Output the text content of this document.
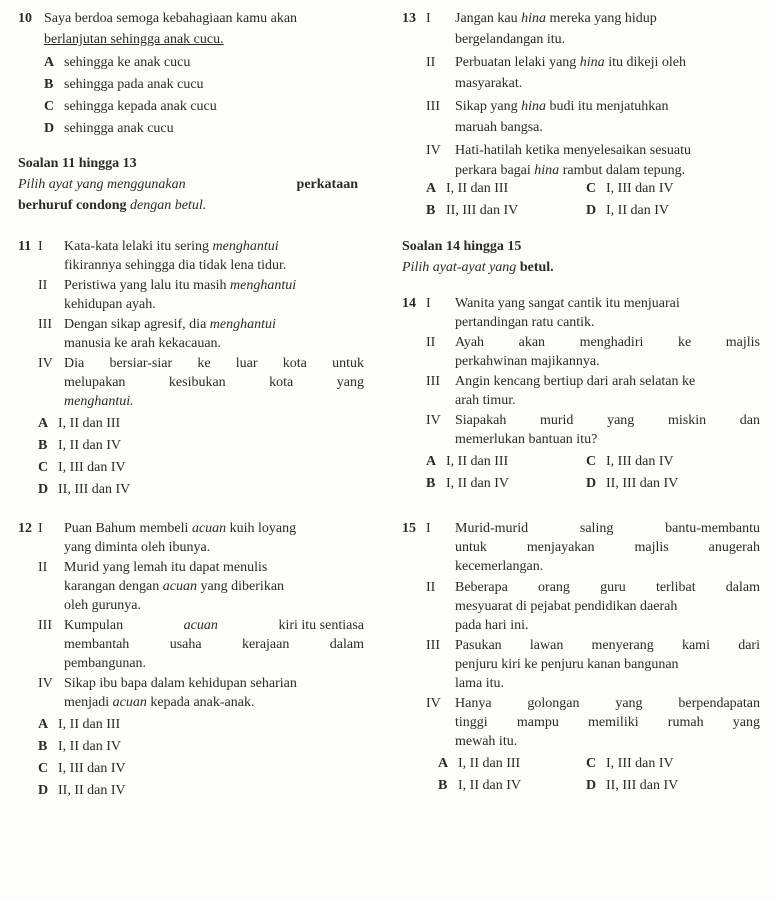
10 Saya berdoa semoga kebahagiaan kamu akan
berlanjutan sehingga anak cucu.
A sehingga ke anak cucu
B sehingga pada anak cucu
C sehingga kepada anak cucu
D sehingga anak cucu
Soalan 11 hingga 13
Pilih ayat yang menggunakan	perkataan
berhuruf condong dengan betul.
11 I Kata-kata lelaki itu sering menghantui
fikirannya sehingga dia tidak lena tidur.
II Peristiwa yang lalu itu masih menghantui
kehidupan ayah.
III Dengan sikap agresif, dia menghantui
manusia ke arah kekacauan.
IV Dia bersiar-siar ke luar kota untuk
melupakan	kesibukan	kota	yang
menghantui.
A I, II dan III
B I, II dan IV
C I, III dan IV
D II, III dan IV
12 I Puan Bahum membeli acuan kuih loyang
yang diminta oleh ibunya.
II Murid yang lemah itu dapat menulis
karangan dengan acuan yang diberikan
oleh gurunya.
III Kumpulan	acuan	kiri itu sentiasa
membantah	usaha	kerajaan	dalam
pembangunan.
IV Sikap ibu bapa dalam kehidupan seharian
menjadi acuan kepada anak-anak.
A I, II dan III
B I, II dan IV
C I, III dan IV
D II, II dan IV
13 I Jangan kau hina mereka yang hidup
bergelandangan itu.
II Perbuatan lelaki yang hina itu dikeji oleh
masyarakat.
III Sikap yang hina budi itu menjatuhkan
maruah bangsa.
IV Hati-hatilah ketika menyelesaikan sesuatu
perkara bagai hina rambut dalam tepung.
A I, II dan III	C I, III dan IV
B II, III dan IV	D I, II dan IV
Soalan 14 hingga 15
Pilih ayat-ayat yang betul.
14 I Wanita yang sangat cantik itu menjuarai
pertandingan ratu cantik.
II Ayah akan menghadiri ke majlis
perkahwinan majikannya.
III Angin kencang bertiup dari arah selatan ke
arah timur.
IV Siapakah murid yang miskin dan
memerlukan bantuan itu?
A I, II dan III	C I, III dan IV
B I, II dan IV	D II, III dan IV
15 I Murid-murid	saling	bantu-membantu
untuk	menjayakan	majlis	anugerah
kecemerlangan.
II Beberapa orang guru terlibat dalam
mesyuarat di pejabat pendidikan daerah
pada hari ini.
III Pasukan lawan menyerang kami dari
penjuru kiri ke penjuru kanan bangunan
lama itu.
IV Hanya	golongan	yang	berpendapatan
tinggi mampu memiliki rumah yang
mewah itu.
A I, II dan III	C I, III dan IV
B I, II dan IV	D II, III dan IV
